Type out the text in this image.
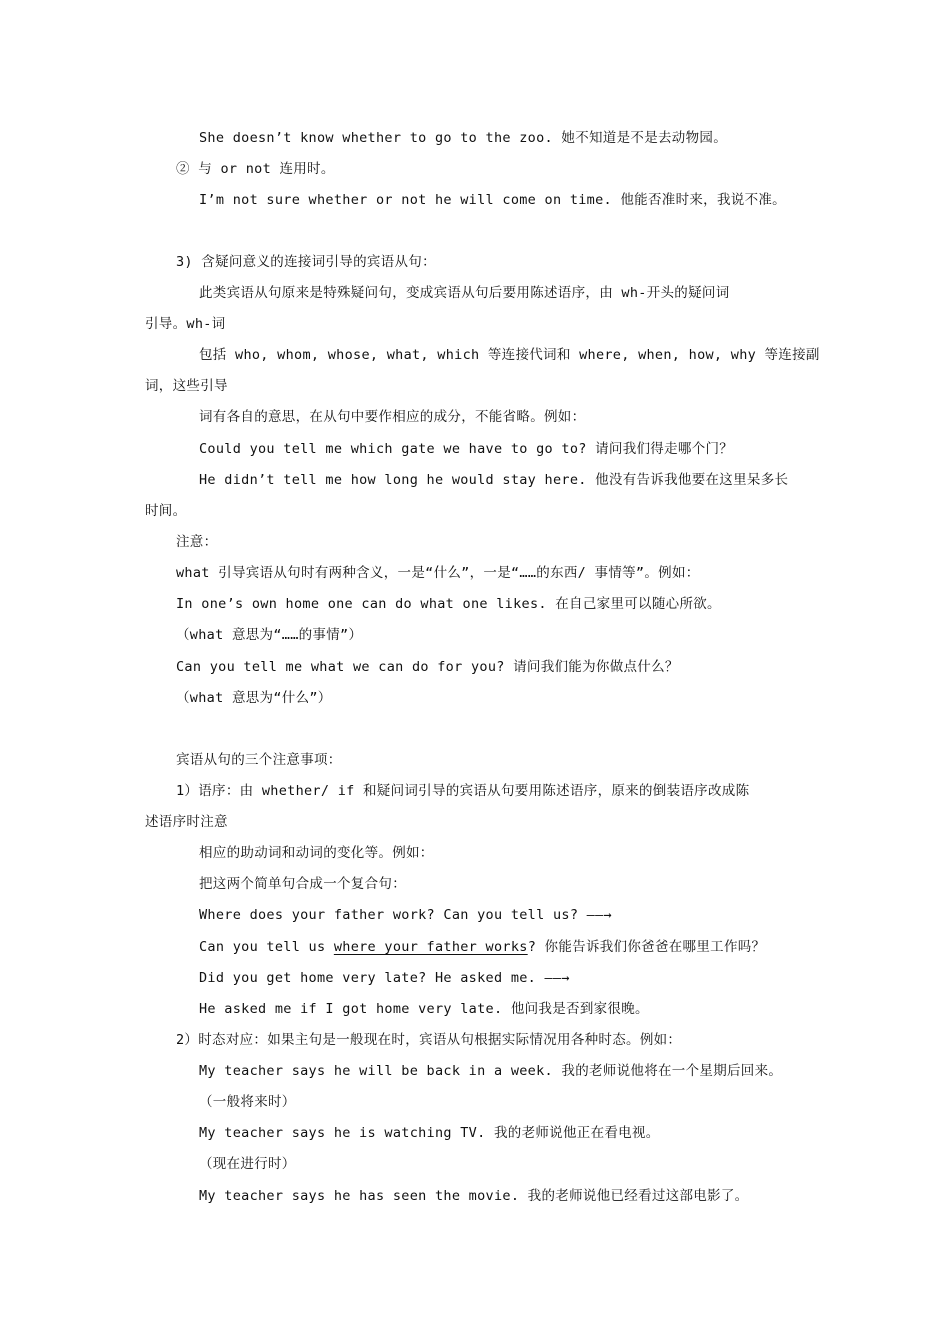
She doesn’t know whether to go to the zoo. 她不知道是不是去动物园。
② 与 or not 连用时。
I’m not sure whether or not he will come on time. 他能否准时来，我说不准。
3) 含疑问意义的连接词引导的宾语从句：
此类宾语从句原来是特殊疑问句，变成宾语从句后要用陈述语序，由 wh-开头的疑问词
引导。wh-词
包括 who, whom, whose, what, which 等连接代词和 where, when, how, why 等连接副
词，这些引导
词有各自的意思，在从句中要作相应的成分，不能省略。例如：
Could you tell me which gate we have to go to? 请问我们得走哪个门？
He didn’t tell me how long he would stay here. 他没有告诉我他要在这里呆多长
时间。
注意：
what 引导宾语从句时有两种含义，一是“什么”，一是“……的东西/ 事情等”。例如：
In one’s own home one can do what one likes. 在自己家里可以随心所欲。
（what 意思为“……的事情”）
Can you tell me what we can do for you? 请问我们能为你做点什么？
（what 意思为“什么”）
宾语从句的三个注意事项：
1）语序：由 whether/ if 和疑问词引导的宾语从句要用陈述语序，原来的倒装语序改成陈
述语序时注意
相应的助动词和动词的变化等。例如：
把这两个简单句合成一个复合句：
Where does your father work? Can you tell us? ——→
Can you tell us where your father works? 你能告诉我们你爸爸在哪里工作吗？
Did you get home very late? He asked me. ——→
He asked me if I got home very late. 他问我是否到家很晚。
2）时态对应：如果主句是一般现在时，宾语从句根据实际情况用各种时态。例如：
My teacher says he will be back in a week. 我的老师说他将在一个星期后回来。
（一般将来时）
My teacher says he is watching TV. 我的老师说他正在看电视。
（现在进行时）
My teacher says he has seen the movie. 我的老师说他已经看过这部电影了。
